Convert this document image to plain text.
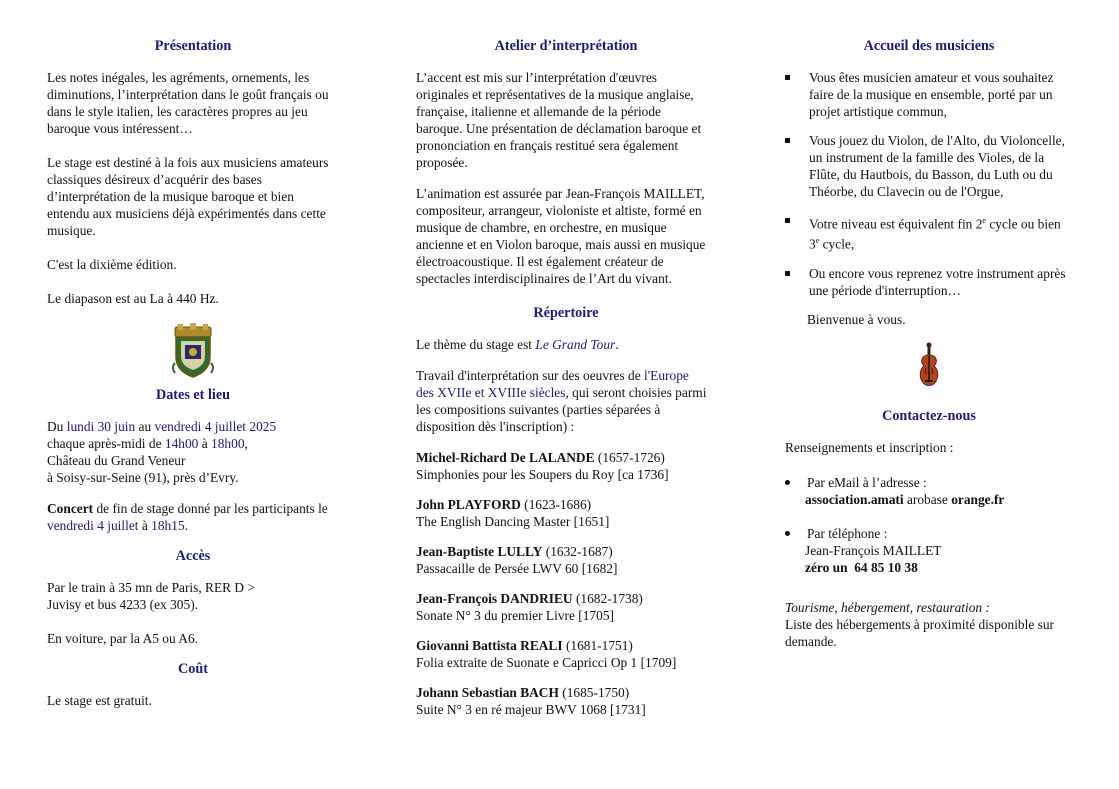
Présentation

Les notes inégales, les agréments, ornements, les diminutions, l’interprétation dans le goût français ou dans le style italien, les caractères propres au jeu baroque vous intéressent…

Le stage est destiné à la fois aux musiciens amateurs classiques désireux d’acquérir des bases d’interprétation de la musique baroque et bien entendu aux musiciens déjà expérimentés dans cette musique.

C'est la dixième édition.

Le diapason est au La à 440 Hz.

Dates et lieu

Du lundi 30 juin au vendredi 4 juillet 2025
chaque après-midi de 14h00 à 18h00,
Château du Grand Veneur
à Soisy-sur-Seine (91), près d’Evry.

Concert de fin de stage donné par les participants le vendredi 4 juillet à 18h15.

Accès

Par le train à 35 mn de Paris, RER D > Juvisy et bus 4233 (ex 305).

En voiture, par la A5 ou A6.

Coût

Le stage est gratuit.

Atelier d’interprétation

L’accent est mis sur l’interprétation d'œuvres originales et représentatives de la musique anglaise, française, italienne et allemande de la période baroque. Une présentation de déclamation baroque et prononciation en français restitué sera également proposée.

L’animation est assurée par Jean-François MAILLET, compositeur, arrangeur, violoniste et altiste, formé en musique de chambre, en orchestre, en musique ancienne et en Violon baroque, mais aussi en musique électroacoustique. Il est également créateur de spectacles interdisciplinaires de l’Art du vivant.

Répertoire

Le thème du stage est Le Grand Tour.

Travail d'interprétation sur des oeuvres de l'Europe des XVIIe et XVIIIe siècles, qui seront choisies parmi les compositions suivantes (parties séparées à disposition dès l'inscription) :

Michel-Richard De LALANDE (1657-1726)
Simphonies pour les Soupers du Roy [ca 1736]
John PLAYFORD (1623-1686)
The English Dancing Master [1651]
Jean-Baptiste LULLY (1632-1687)
Passacaille de Persée LWV 60 [1682]
Jean-François DANDRIEU (1682-1738)
Sonate N° 3 du premier Livre [1705]
Giovanni Battista REALI (1681-1751)
Folia extraite de Suonate e Capricci Op 1 [1709]
Johann Sebastian BACH (1685-1750)
Suite N° 3 en ré majeur BWV 1068 [1731]
Accueil des musiciens
Vous êtes musicien amateur et vous souhaitez faire de la musique en ensemble, porté par un projet artistique commun,
Vous jouez du Violon, de l'Alto, du Violoncelle, un instrument de la famille des Violes, de la Flûte, du Hautbois, du Basson, du Luth ou du Théorbe, du Clavecin ou de l'Orgue,
Votre niveau est équivalent fin 2e cycle ou bien 3e cycle,
Ou encore vous reprenez votre instrument après une période d'interruption…

Bienvenue à vous.

Contactez-nous

Renseignements et inscription :

Par eMail à l’adresse :
association.amati arobase orange.fr
Par téléphone :
Jean-François MAILLET
zéro un  64 85 10 38

Tourisme, hébergement, restauration :

Liste des hébergements à proximité disponible sur demande.
